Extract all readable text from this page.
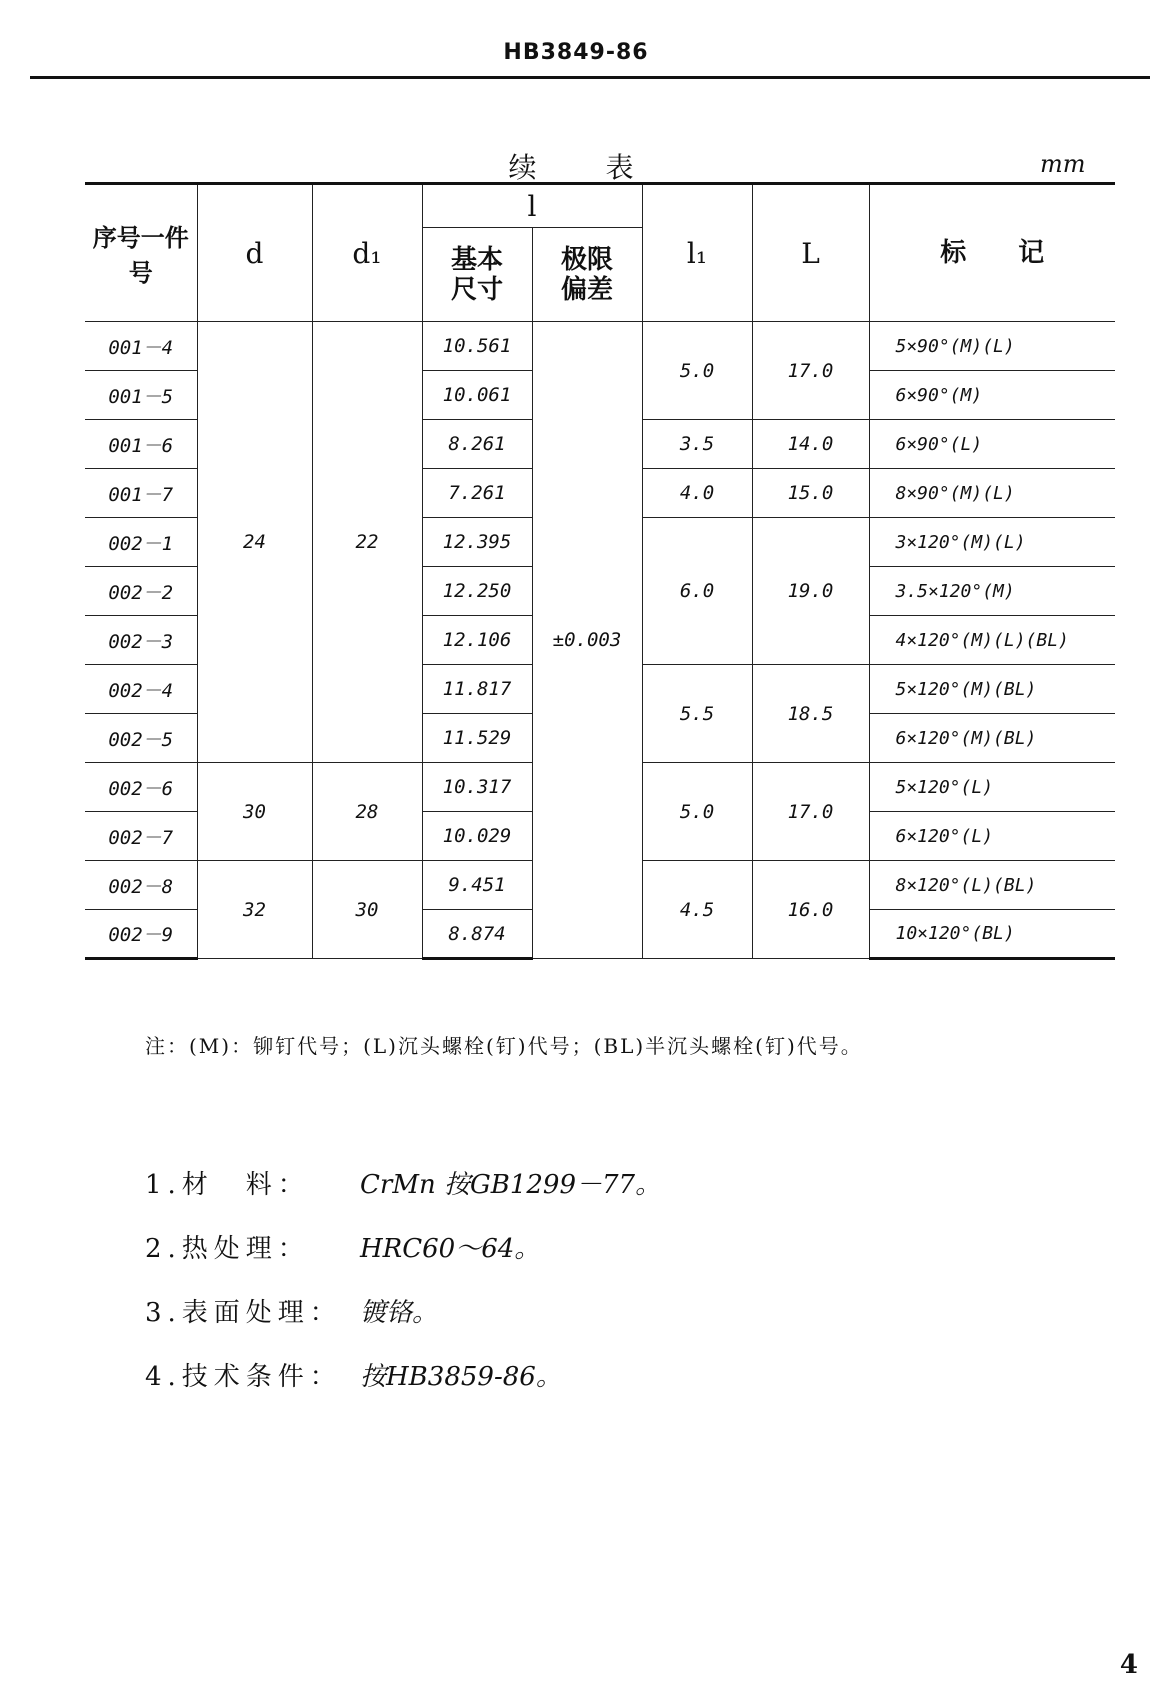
HB3849-86
续 表	mm
序号一件号	d	d₁	l		l₁	L	标　　记
			基本尺寸	极限偏差			
001－4	24	22	10.561	±0.003	5.0	17.0	5×90°(M)(L)
001－5			10.061				6×90°(M)
001－6			8.261		3.5	14.0	6×90°(L)
001－7			7.261		4.0	15.0	8×90°(M)(L)
002－1			12.395		6.0	19.0	3×120°(M)(L)
002－2			12.250				3.5×120°(M)
002－3			12.106				4×120°(M)(L)(BL)
002－4			11.817		5.5	18.5	5×120°(M)(BL)
002－5			11.529				6×120°(M)(BL)
002－6	30	28	10.317		5.0	17.0	5×120°(L)
002－7			10.029				6×120°(L)
002－8	32	30	9.451		4.5	16.0	8×120°(L)(BL)
002－9			8.874				10×120°(BL)
注：(M)：铆钉代号；(L)沉头螺栓(钉)代号；(BL)半沉头螺栓(钉)代号。
1.材　料：	CrMn 按GB1299－77。
2.热处理：	HRC60～64。
3.表面处理： 镀铬。
4.技术条件： 按HB3859-86。
4
